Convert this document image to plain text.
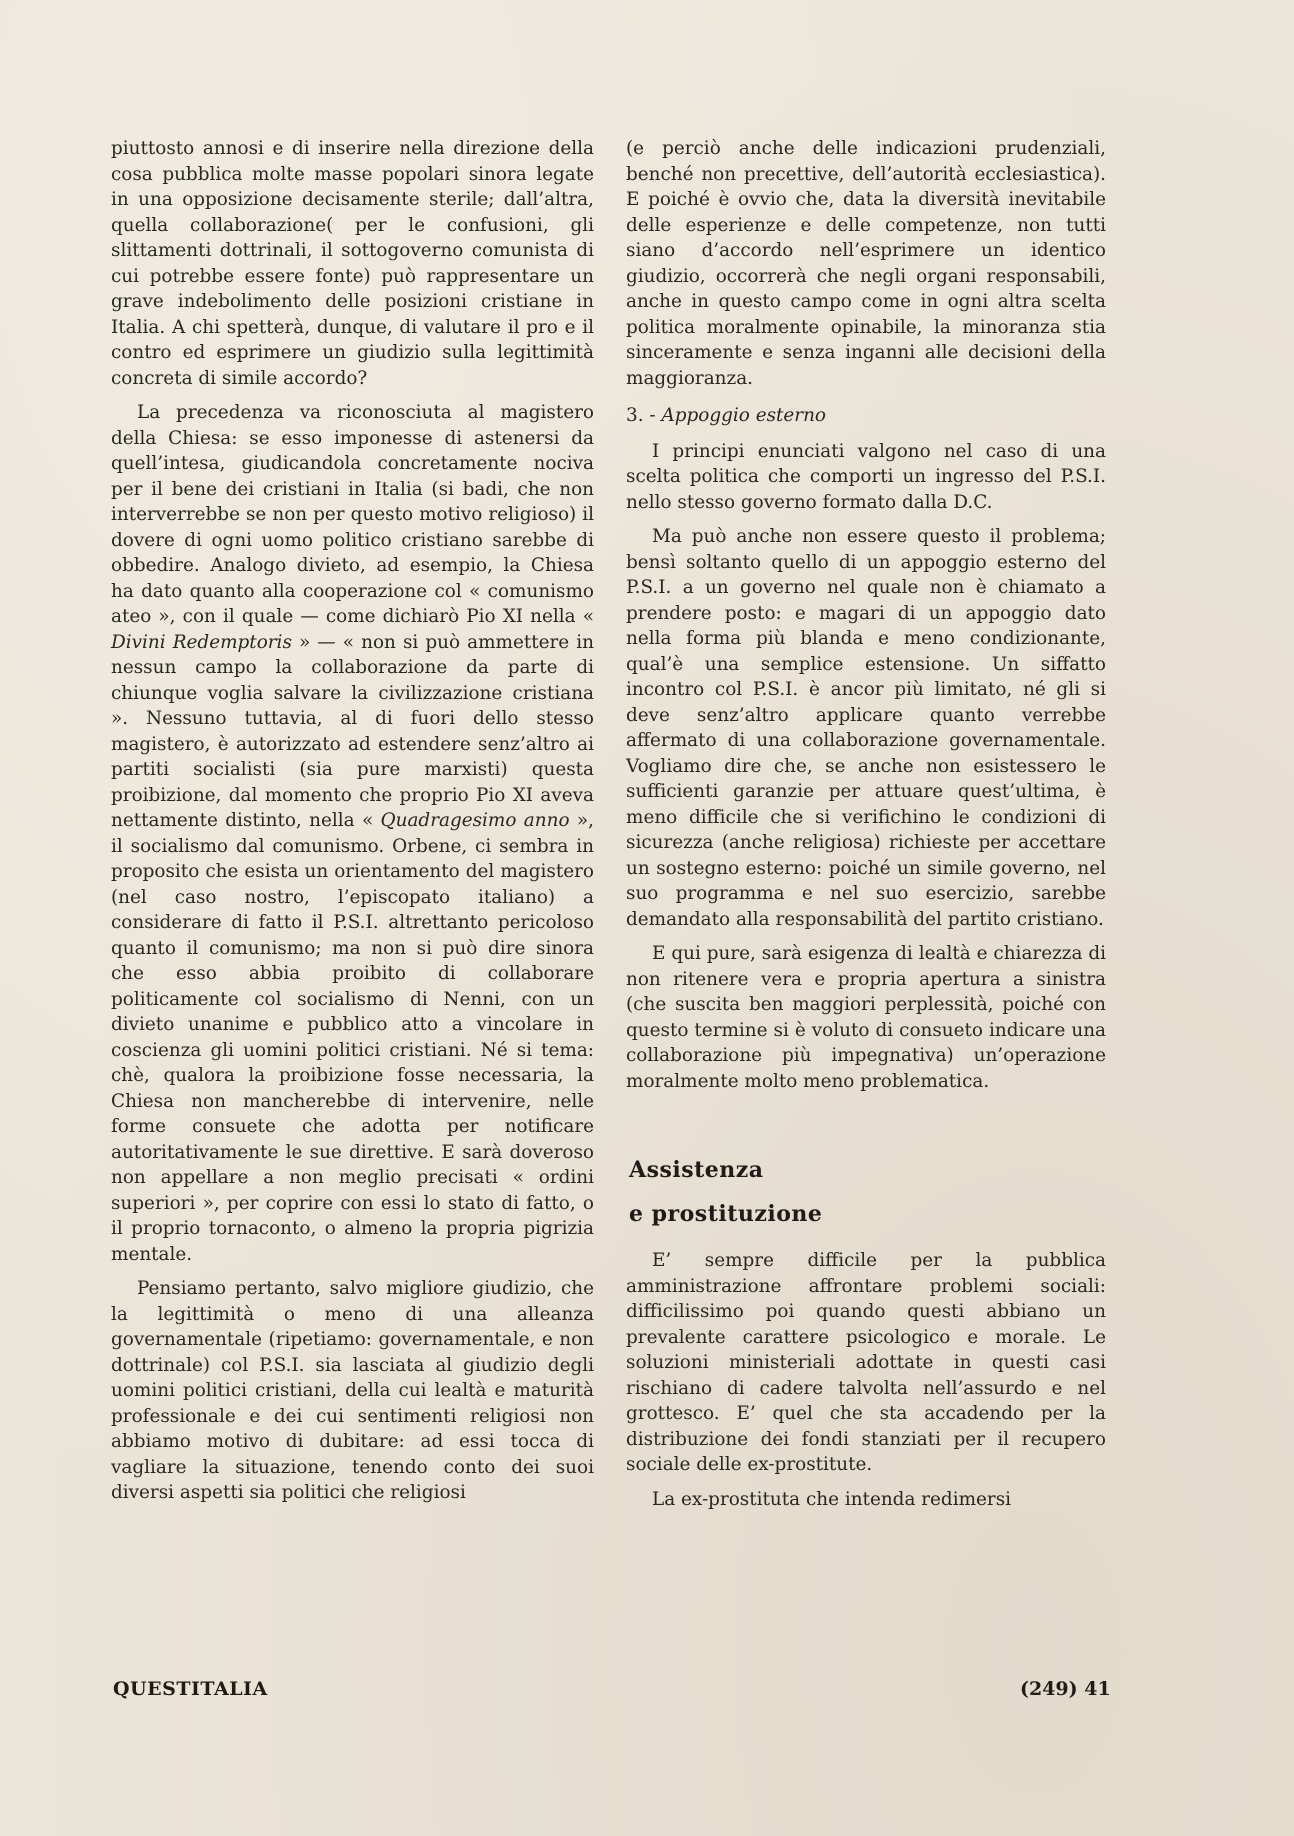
piuttosto annosi e di inserire nella direzione della cosa pubblica molte masse popolari sinora legate in una opposizione decisamente sterile; dall’altra, quella collaborazione( per le confusioni, gli slittamenti dottrinali, il sottogoverno comunista di cui potrebbe essere fonte) può rappresentare un grave indebolimento delle posizioni cristiane in Italia. A chi spetterà, dunque, di valutare il pro e il contro ed esprimere un giudizio sulla legittimità concreta di simile accordo?

La precedenza va riconosciuta al magistero della Chiesa: se esso imponesse di astenersi da quell’intesa, giudicandola concretamente nociva per il bene dei cristiani in Italia (si badi, che non interverrebbe se non per questo motivo religioso) il dovere di ogni uomo politico cristiano sarebbe di obbedire. Analogo divieto, ad esempio, la Chiesa ha dato quanto alla cooperazione col « comunismo ateo », con il quale — come dichiarò Pio XI nella « Divini Redemptoris » — « non si può ammettere in nessun campo la collaborazione da parte di chiunque voglia salvare la civilizzazione cristiana ». Nessuno tuttavia, al di fuori dello stesso magistero, è autorizzato ad estendere senz’altro ai partiti socialisti (sia pure marxisti) questa proibizione, dal momento che proprio Pio XI aveva nettamente distinto, nella « Quadragesimo anno », il socialismo dal comunismo. Orbene, ci sembra in proposito che esista un orientamento del magistero (nel caso nostro, l’episcopato italiano) a considerare di fatto il P.S.I. altrettanto pericoloso quanto il comunismo; ma non si può dire sinora che esso abbia proibito di collaborare politicamente col socialismo di Nenni, con un divieto unanime e pubblico atto a vincolare in coscienza gli uomini politici cristiani. Né si tema: chè, qualora la proibizione fosse necessaria, la Chiesa non mancherebbe di intervenire, nelle forme consuete che adotta per notificare autoritativamente le sue direttive. E sarà doveroso non appellare a non meglio precisati « ordini superiori », per coprire con essi lo stato di fatto, o il proprio tornaconto, o almeno la propria pigrizia mentale.

Pensiamo pertanto, salvo migliore giudizio, che la legittimità o meno di una alleanza governamentale (ripetiamo: governamentale, e non dottrinale) col P.S.I. sia lasciata al giudizio degli uomini politici cristiani, della cui lealtà e maturità professionale e dei cui sentimenti religiosi non abbiamo motivo di dubitare: ad essi tocca di vagliare la situazione, tenendo conto dei suoi diversi aspetti sia politici che religiosi

(e perciò anche delle indicazioni prudenziali, benché non precettive, dell’autorità ecclesiastica). E poiché è ovvio che, data la diversità inevitabile delle esperienze e delle competenze, non tutti siano d’accordo nell’esprimere un identico giudizio, occorrerà che negli organi responsabili, anche in questo campo come in ogni altra scelta politica moralmente opinabile, la minoranza stia sinceramente e senza inganni alle decisioni della maggioranza.

3. - Appoggio esterno

I principi enunciati valgono nel caso di una scelta politica che comporti un ingresso del P.S.I. nello stesso governo formato dalla D.C.

Ma può anche non essere questo il problema; bensì soltanto quello di un appoggio esterno del P.S.I. a un governo nel quale non è chiamato a prendere posto: e magari di un appoggio dato nella forma più blanda e meno condizionante, qual’è una semplice estensione. Un siffatto incontro col P.S.I. è ancor più limitato, né gli si deve senz’altro applicare quanto verrebbe affermato di una collaborazione governamentale. Vogliamo dire che, se anche non esistessero le sufficienti garanzie per attuare quest’ultima, è meno difficile che si verifichino le condizioni di sicurezza (anche religiosa) richieste per accettare un sostegno esterno: poiché un simile governo, nel suo programma e nel suo esercizio, sarebbe demandato alla responsabilità del partito cristiano.

E qui pure, sarà esigenza di lealtà e chiarezza di non ritenere vera e propria apertura a sinistra (che suscita ben maggiori perplessità, poiché con questo termine si è voluto di consueto indicare una collaborazione più impegnativa) un’operazione moralmente molto meno problematica.

Assistenza
e prostituzione

E’ sempre difficile per la pubblica amministrazione affrontare problemi sociali: difficilissimo poi quando questi abbiano un prevalente carattere psicologico e morale. Le soluzioni ministeriali adottate in questi casi rischiano di cadere talvolta nell’assurdo e nel grottesco. E’ quel che sta accadendo per la distribuzione dei fondi stanziati per il recupero sociale delle ex-prostitute.

La ex-prostituta che intenda redimersi

QUESTITALIA	(249) 41
